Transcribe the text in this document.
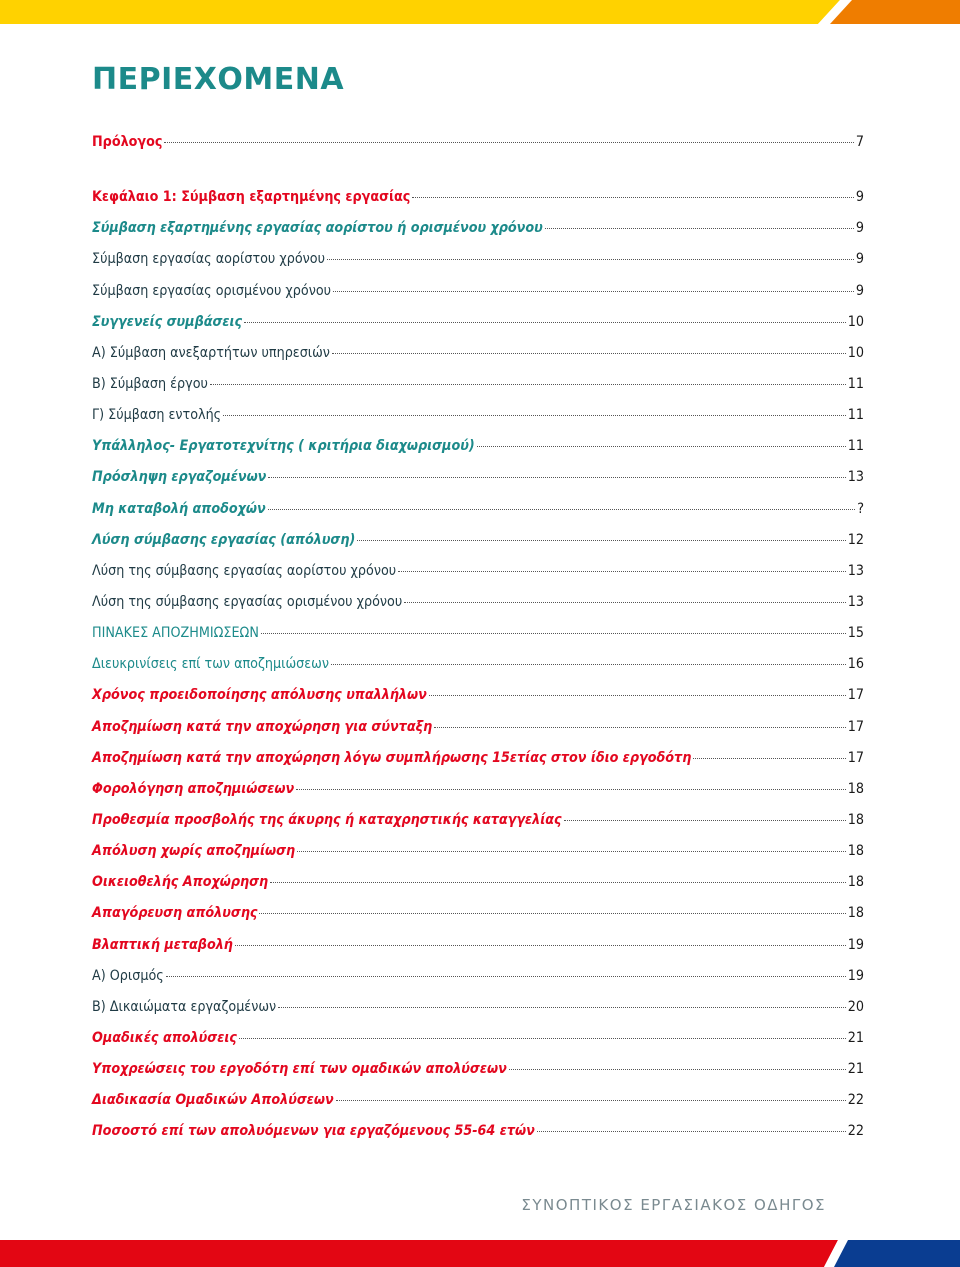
ΠΕΡΙΕΧΟΜΕΝΑ
Πρόλογος	7
Κεφάλαιο 1: Σύμβαση εξαρτημένης εργασίας	9
Σύμβαση εξαρτημένης εργασίας αορίστου ή ορισμένου χρόνου	9
Σύμβαση εργασίας αορίστου χρόνου	9
Σύμβαση εργασίας ορισμένου χρόνου	9
Συγγενείς συμβάσεις	10
Α) Σύμβαση ανεξαρτήτων υπηρεσιών	10
Β) Σύμβαση έργου	11
Γ) Σύμβαση εντολής	11
Υπάλληλος- Εργατοτεχνίτης ( κριτήρια διαχωρισμού)	11
Πρόσληψη εργαζομένων	13
Μη καταβολή αποδοχών	?
Λύση σύμβασης εργασίας (απόλυση)	12
Λύση της σύμβασης εργασίας αορίστου χρόνου	13
Λύση της σύμβασης εργασίας ορισμένου χρόνου	13
ΠΙΝΑΚΕΣ ΑΠΟΖΗΜΙΩΣΕΩΝ	15
Διευκρινίσεις επί των αποζημιώσεων	16
Χρόνος προειδοποίησης απόλυσης υπαλλήλων	17
Αποζημίωση κατά την αποχώρηση για σύνταξη	17
Αποζημίωση κατά την αποχώρηση λόγω συμπλήρωσης 15ετίας στον ίδιο εργοδότη	17
Φορολόγηση αποζημιώσεων	18
Προθεσμία προσβολής της άκυρης ή καταχρηστικής καταγγελίας	18
Απόλυση χωρίς αποζημίωση	18
Οικειοθελής Αποχώρηση	18
Απαγόρευση απόλυσης	18
Βλαπτική μεταβολή	19
Α) Ορισμός	19
Β) Δικαιώματα εργαζομένων	20
Ομαδικές απολύσεις	21
Υποχρεώσεις του εργοδότη επί των ομαδικών απολύσεων	21
Διαδικασία Ομαδικών Απολύσεων	22
Ποσοστό επί των απολυόμενων για εργαζόμενους 55-64 ετών	22

ΣΥΝΟΠΤΙΚΟΣ ΕΡΓΑΣΙΑΚΟΣ ΟΔΗΓΟΣ
